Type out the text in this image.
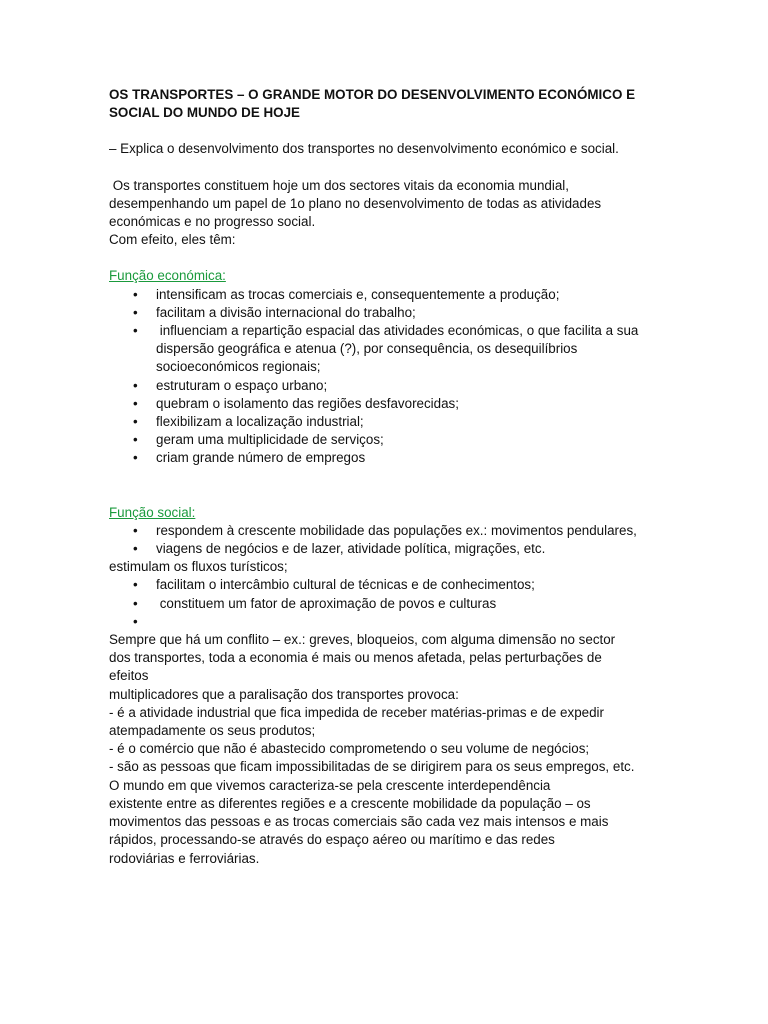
OS TRANSPORTES – O GRANDE MOTOR DO DESENVOLVIMENTO ECONÓMICO E
SOCIAL DO MUNDO DE HOJE

– Explica o desenvolvimento dos transportes no desenvolvimento económico e social.

Os transportes constituem hoje um dos sectores vitais da economia mundial,
desempenhando um papel de 1o plano no desenvolvimento de todas as atividades
económicas e no progresso social.
Com efeito, eles têm:

Função económica:

• intensificam as trocas comerciais e, consequentemente a produção;
• facilitam a divisão internacional do trabalho;
• influenciam a repartição espacial das atividades económicas, o que facilita a sua dispersão geográfica e atenua (?), por consequência, os desequilíbrios socioeconómicos regionais;
• estruturam o espaço urbano;
• quebram o isolamento das regiões desfavorecidas;
• flexibilizam a localização industrial;
• geram uma multiplicidade de serviços;
• criam grande número de empregos

Função social:

• respondem à crescente mobilidade das populações ex.: movimentos pendulares,
• viagens de negócios e de lazer, atividade política, migrações, etc.

estimulam os fluxos turísticos;

• facilitam o intercâmbio cultural de técnicas e de conhecimentos;
• constituem um fator de aproximação de povos e culturas
•

Sempre que há um conflito – ex.: greves, bloqueios, com alguma dimensão no sector

dos transportes, toda a economia é mais ou menos afetada, pelas perturbações de

efeitos

multiplicadores que a paralisação dos transportes provoca:

- é a atividade industrial que fica impedida de receber matérias-primas e de expedir

atempadamente os seus produtos;

- é o comércio que não é abastecido comprometendo o seu volume de negócios;

- são as pessoas que ficam impossibilitadas de se dirigirem para os seus empregos, etc.

O mundo em que vivemos caracteriza-se pela crescente interdependência

existente entre as diferentes regiões e a crescente mobilidade da população – os

movimentos das pessoas e as trocas comerciais são cada vez mais intensos e mais

rápidos, processando-se através do espaço aéreo ou marítimo e das redes

rodoviárias e ferroviárias.
